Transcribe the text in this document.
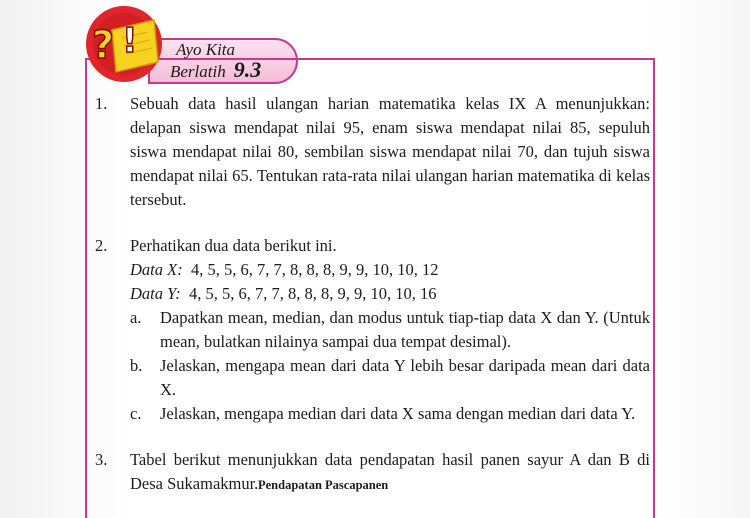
? !	Ayo Kita
Berlatih 9.3
1. Sebuah data hasil ulangan harian matematika kelas IX A menunjukkan: delapan siswa mendapat nilai 95, enam siswa mendapat nilai 85, sepuluh siswa mendapat nilai 80, sembilan siswa mendapat nilai 70, dan tujuh siswa mendapat nilai 65. Tentukan rata-rata nilai ulangan harian matematika di kelas tersebut.
2. Perhatikan dua data berikut ini.
Data X: 4, 5, 5, 6, 7, 7, 8, 8, 8, 9, 9, 10, 10, 12
Data Y: 4, 5, 5, 6, 7, 7, 8, 8, 8, 9, 9, 10, 10, 16
a. Dapatkan mean, median, dan modus untuk tiap-tiap data X dan Y. (Untuk mean, bulatkan nilainya sampai dua tempat desimal).
b. Jelaskan, mengapa mean dari data Y lebih besar daripada mean dari data X.
c. Jelaskan, mengapa median dari data X sama dengan median dari data Y.
3. Tabel berikut menunjukkan data pendapatan hasil panen sayur A dan B di Desa Sukamakmur. Pendapatan Pascapanen
